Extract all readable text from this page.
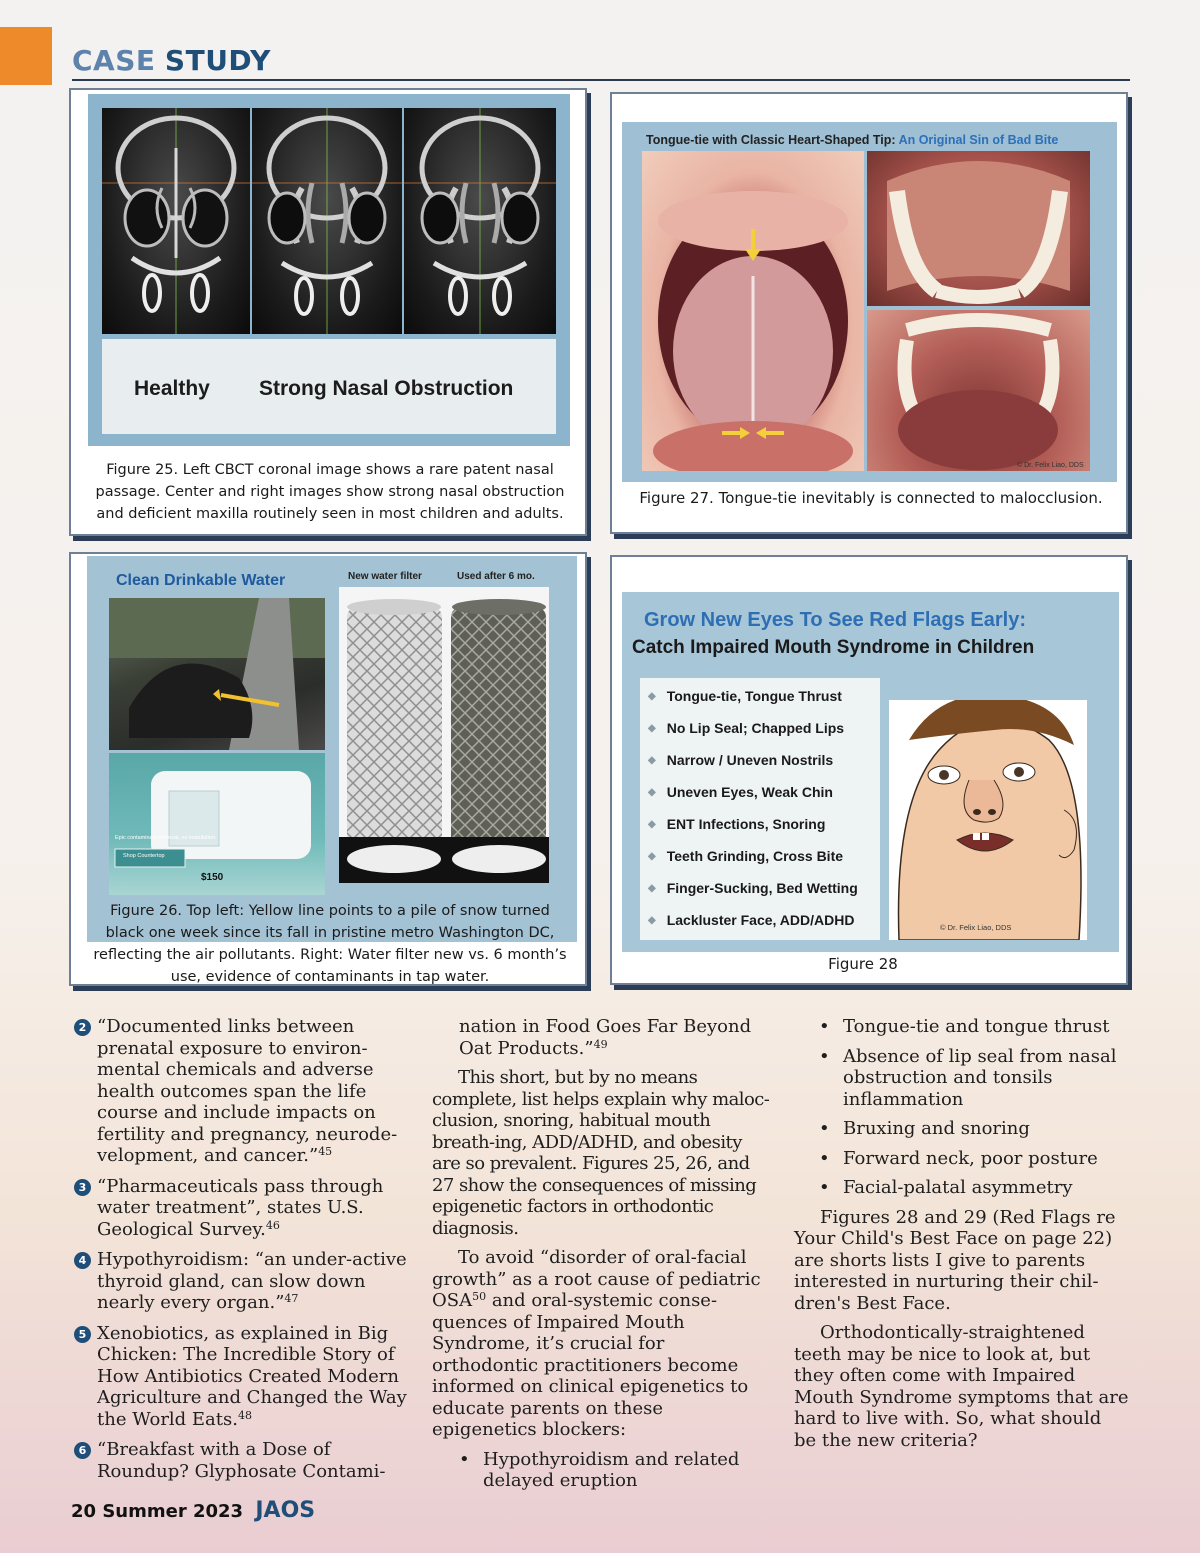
CASE STUDY
Healthy Strong Nasal Obstruction
Figure 25. Left CBCT coronal image shows a rare patent nasal
passage. Center and right images show strong nasal obstruction
and deficient maxilla routinely seen in most children and adults.
Tongue-tie with Classic Heart-Shaped Tip: An Original Sin of Bad Bite
© Dr. Felix Liao, DDS
Figure 27. Tongue-tie inevitably is connected to malocclusion.
Clean Drinkable Water	New water filter	Used after 6 mo.
Epic contaminant removal, no installation.
Shop Countertop
$150
Figure 26. Top left: Yellow line points to a pile of snow turned
black one week since its fall in pristine metro Washington DC,
reflecting the air pollutants. Right: Water filter new vs. 6 month’s
use, evidence of contaminants in tap water.
Grow New Eyes To See Red Flags Early:
Catch Impaired Mouth Syndrome in Children
◆ Tongue-tie, Tongue Thrust
◆ No Lip Seal; Chapped Lips
◆ Narrow / Uneven Nostrils
◆ Uneven Eyes, Weak Chin
◆ ENT Infections, Snoring
◆ Teeth Grinding, Cross Bite
◆ Finger-Sucking, Bed Wetting
◆ Lackluster Face, ADD/ADHD	© Dr. Felix Liao, DDS
Figure 28
2 “Documented links between prenatal exposure to environ-mental chemicals and adverse health outcomes span the life course and include impacts on fertility and pregnancy, neurode-velopment, and cancer.”$^{45}$
3 “Pharmaceuticals pass through water treatment”, states U.S. Geological Survey.$^{46}$
4 Hypothyroidism: “an under-active thyroid gland, can slow down nearly every organ.”$^{47}$
5 Xenobiotics, as explained in Big Chicken: The Incredible Story of How Antibiotics Created Modern Agriculture and Changed the Way the World Eats.$^{48}$
6 “Breakfast with a Dose of Roundup? Glyphosate Contami-

nation in Food Goes Far Beyond Oat Products.”$^{49}$

This short, but by no means complete, list helps explain why maloc-clusion, snoring, habitual mouth breath-ing, ADD/ADHD, and obesity are so prevalent. Figures 25, 26, and 27 show the consequences of missing epigenetic factors in orthodontic diagnosis.

To avoid “disorder of oral-facial growth” as a root cause of pediatric OSA$^{50}$ and oral-systemic conse-quences of Impaired Mouth Syndrome, it’s crucial for orthodontic practitioners become informed on clinical epigenetics to educate parents on these epigenetics blockers:

• Hypothyroidism and related delayed eruption
• Tongue-tie and tongue thrust
• Absence of lip seal from nasal obstruction and tonsils inflammation
• Bruxing and snoring
• Forward neck, poor posture
• Facial-palatal asymmetry

Figures 28 and 29 (Red Flags re Your Child's Best Face on page 22) are shorts lists I give to parents interested in nurturing their chil-dren's Best Face.

Orthodontically-straightened teeth may be nice to look at, but they often come with Impaired Mouth Syndrome symptoms that are hard to live with. So, what should be the new criteria?

20 Summer 2023 JAOS
